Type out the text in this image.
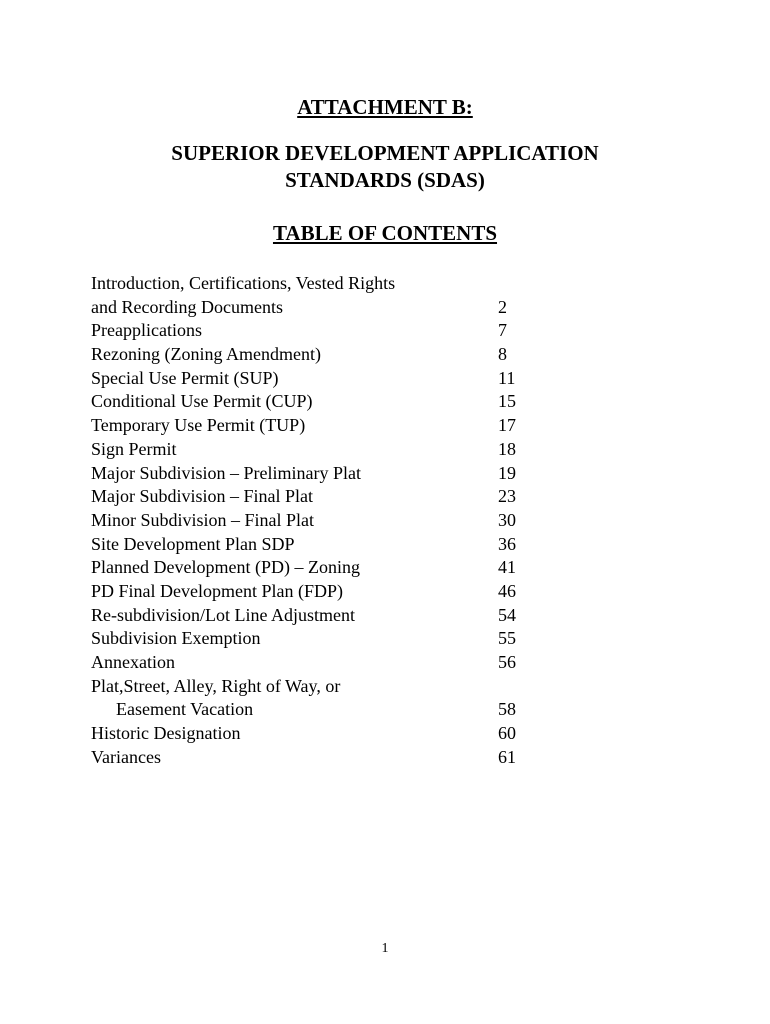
ATTACHMENT B:
SUPERIOR DEVELOPMENT APPLICATION
STANDARDS (SDAS)
TABLE OF CONTENTS
Introduction, Certifications, Vested Rights
and Recording Documents	2
Preapplications	7
Rezoning (Zoning Amendment)	8
Special Use Permit (SUP)	11
Conditional Use Permit (CUP)	15
Temporary Use Permit (TUP)	17
Sign Permit	18
Major Subdivision – Preliminary Plat	19
Major Subdivision – Final Plat	23
Minor Subdivision – Final Plat	30
Site Development Plan SDP	36
Planned Development (PD) – Zoning	41
PD Final Development Plan (FDP)	46
Re-subdivision/Lot Line Adjustment	54
Subdivision Exemption	55
Annexation	56
Plat,Street, Alley, Right of Way, or
Easement Vacation	58
Historic Designation	60
Variances	61
1
